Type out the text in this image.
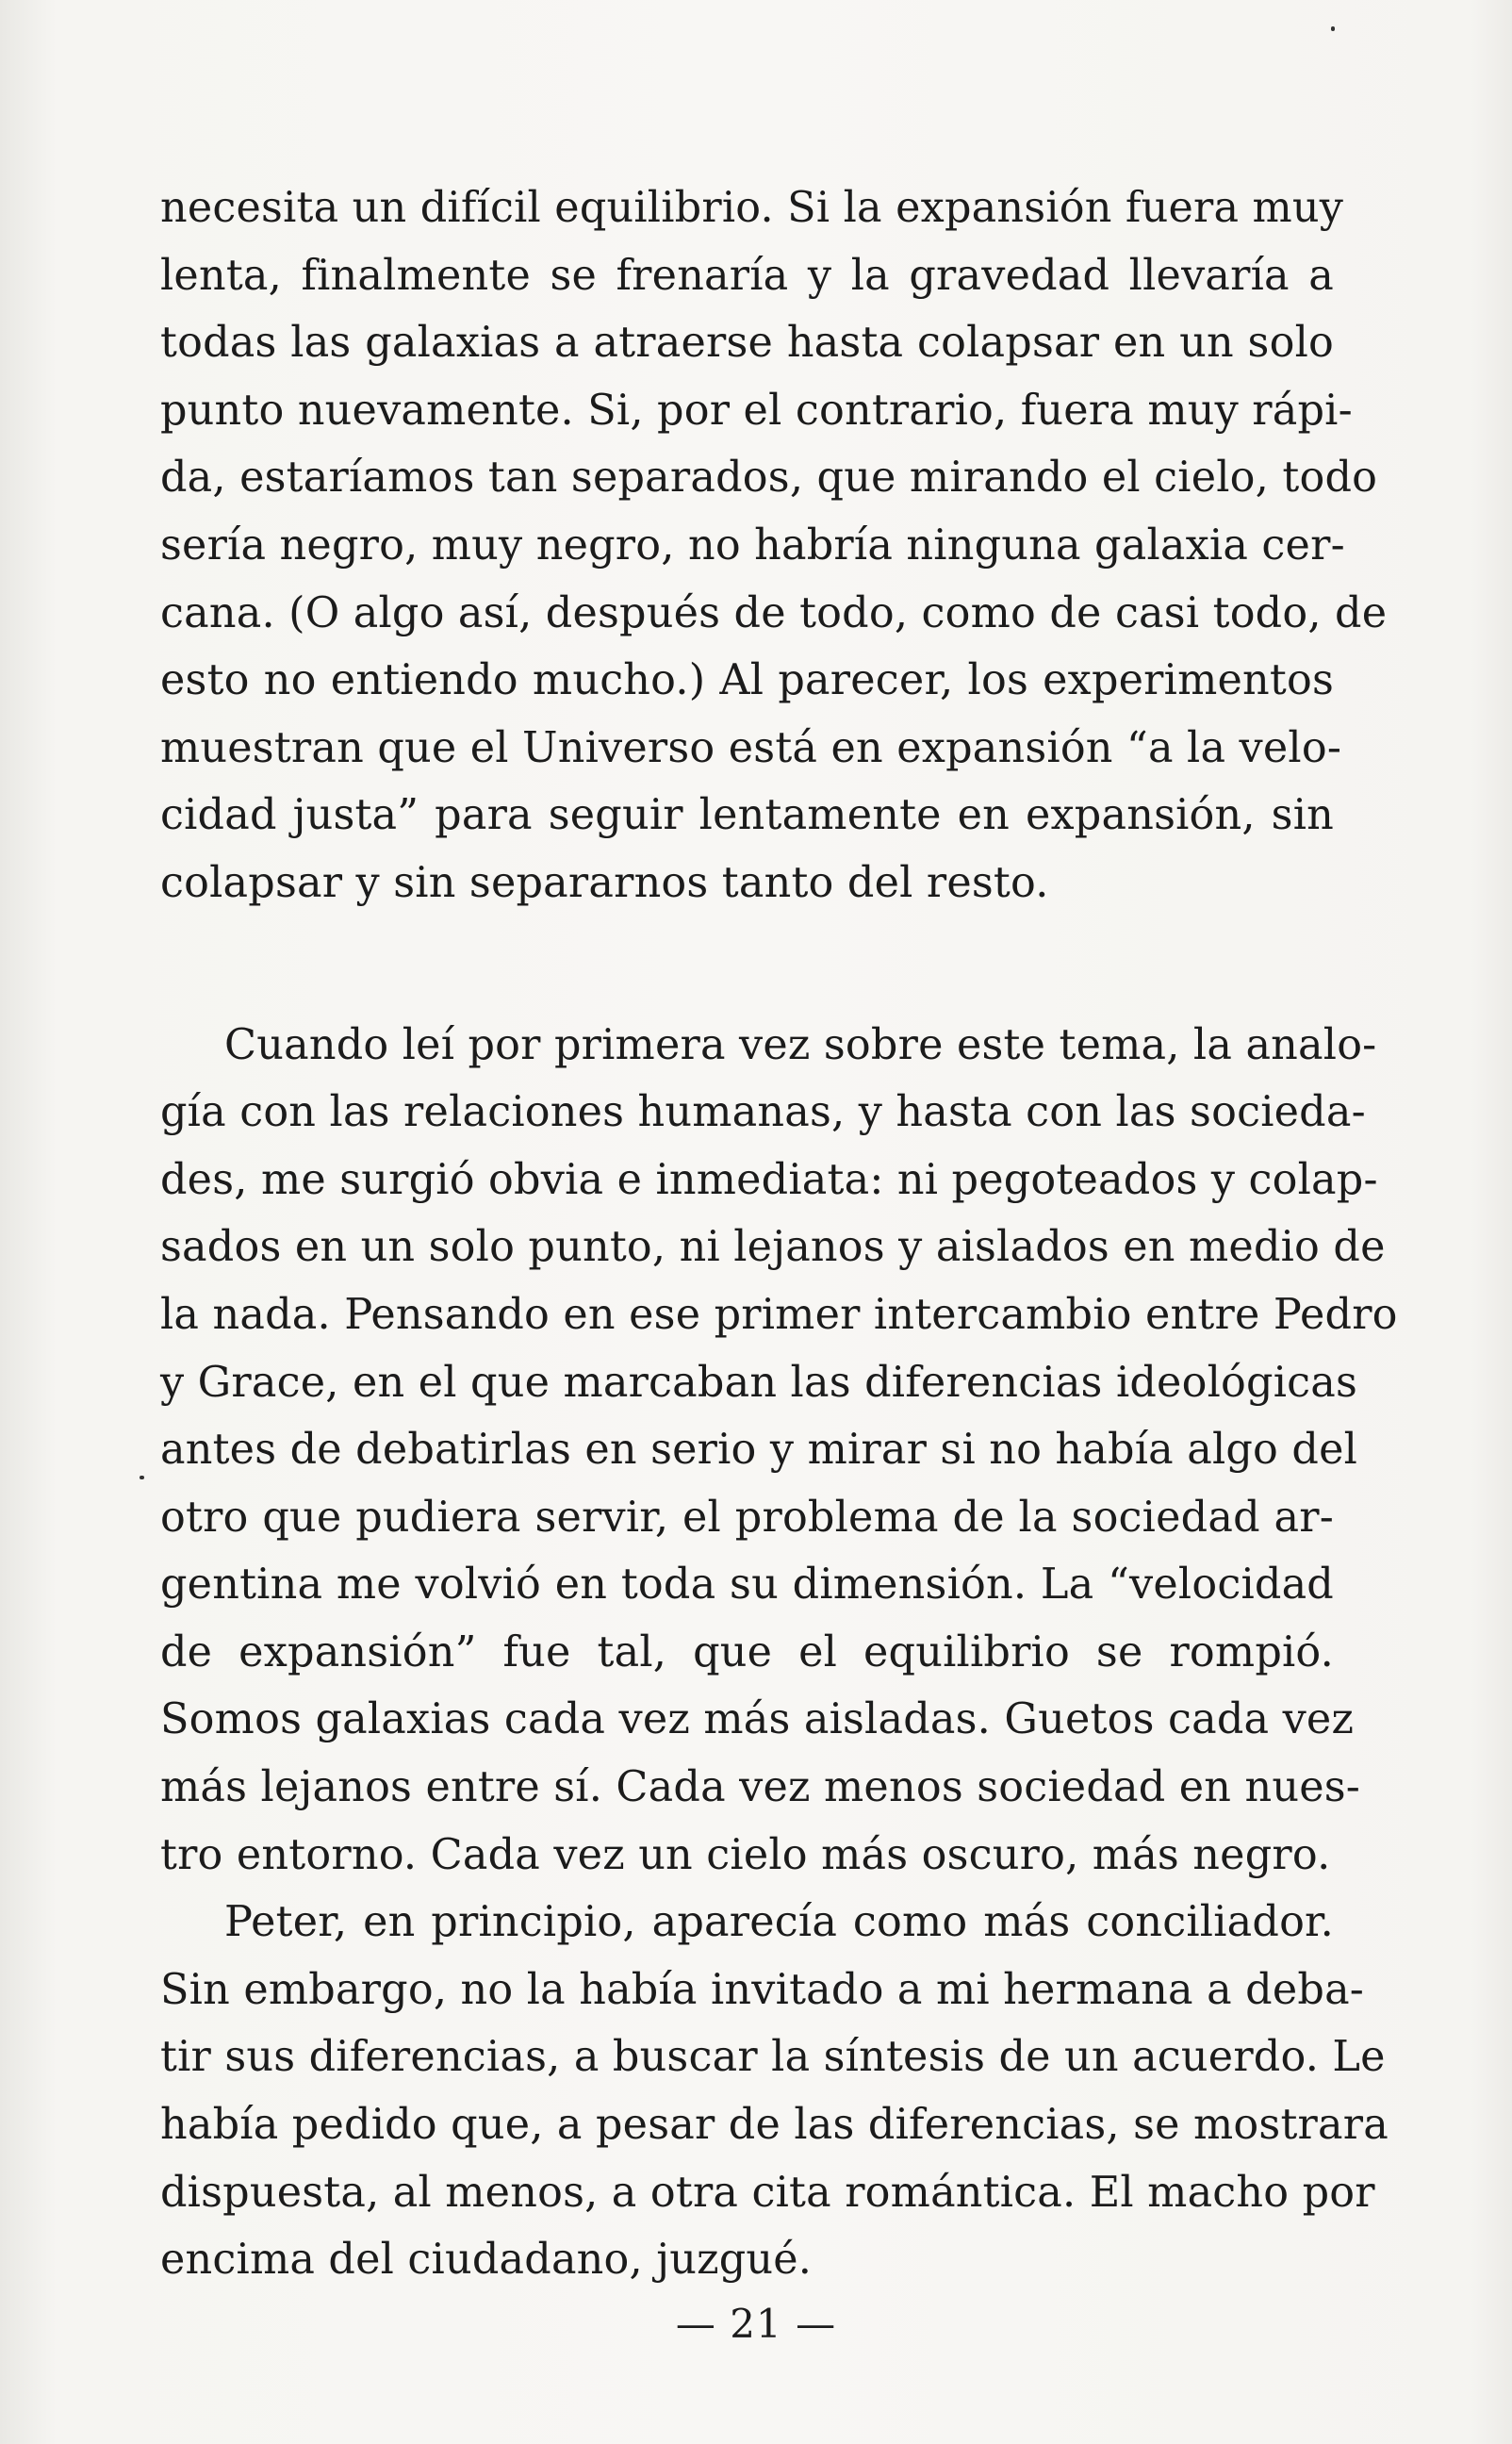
necesita un difícil equilibrio. Si la expansión fuera muy
lenta, finalmente se frenaría y la gravedad llevaría a
todas las galaxias a atraerse hasta colapsar en un solo
punto nuevamente. Si, por el contrario, fuera muy rápi-
da, estaríamos tan separados, que mirando el cielo, todo
sería negro, muy negro, no habría ninguna galaxia cer-
cana. (O algo así, después de todo, como de casi todo, de
esto no entiendo mucho.) Al parecer, los experimentos
muestran que el Universo está en expansión “a la velo-
cidad justa” para seguir lentamente en expansión, sin
colapsar y sin separarnos tanto del resto.
Cuando leí por primera vez sobre este tema, la analo-
gía con las relaciones humanas, y hasta con las socieda-
des, me surgió obvia e inmediata: ni pegoteados y colap-
sados en un solo punto, ni lejanos y aislados en medio de
la nada. Pensando en ese primer intercambio entre Pedro
y Grace, en el que marcaban las diferencias ideológicas
antes de debatirlas en serio y mirar si no había algo del
otro que pudiera servir, el problema de la sociedad ar-
gentina me volvió en toda su dimensión. La “velocidad
de expansión” fue tal, que el equilibrio se rompió.
Somos galaxias cada vez más aisladas. Guetos cada vez
más lejanos entre sí. Cada vez menos sociedad en nues-
tro entorno. Cada vez un cielo más oscuro, más negro.
Peter, en principio, aparecía como más conciliador.
Sin embargo, no la había invitado a mi hermana a deba-
tir sus diferencias, a buscar la síntesis de un acuerdo. Le
había pedido que, a pesar de las diferencias, se mostrara
dispuesta, al menos, a otra cita romántica. El macho por
encima del ciudadano, juzgué.
— 21 —
